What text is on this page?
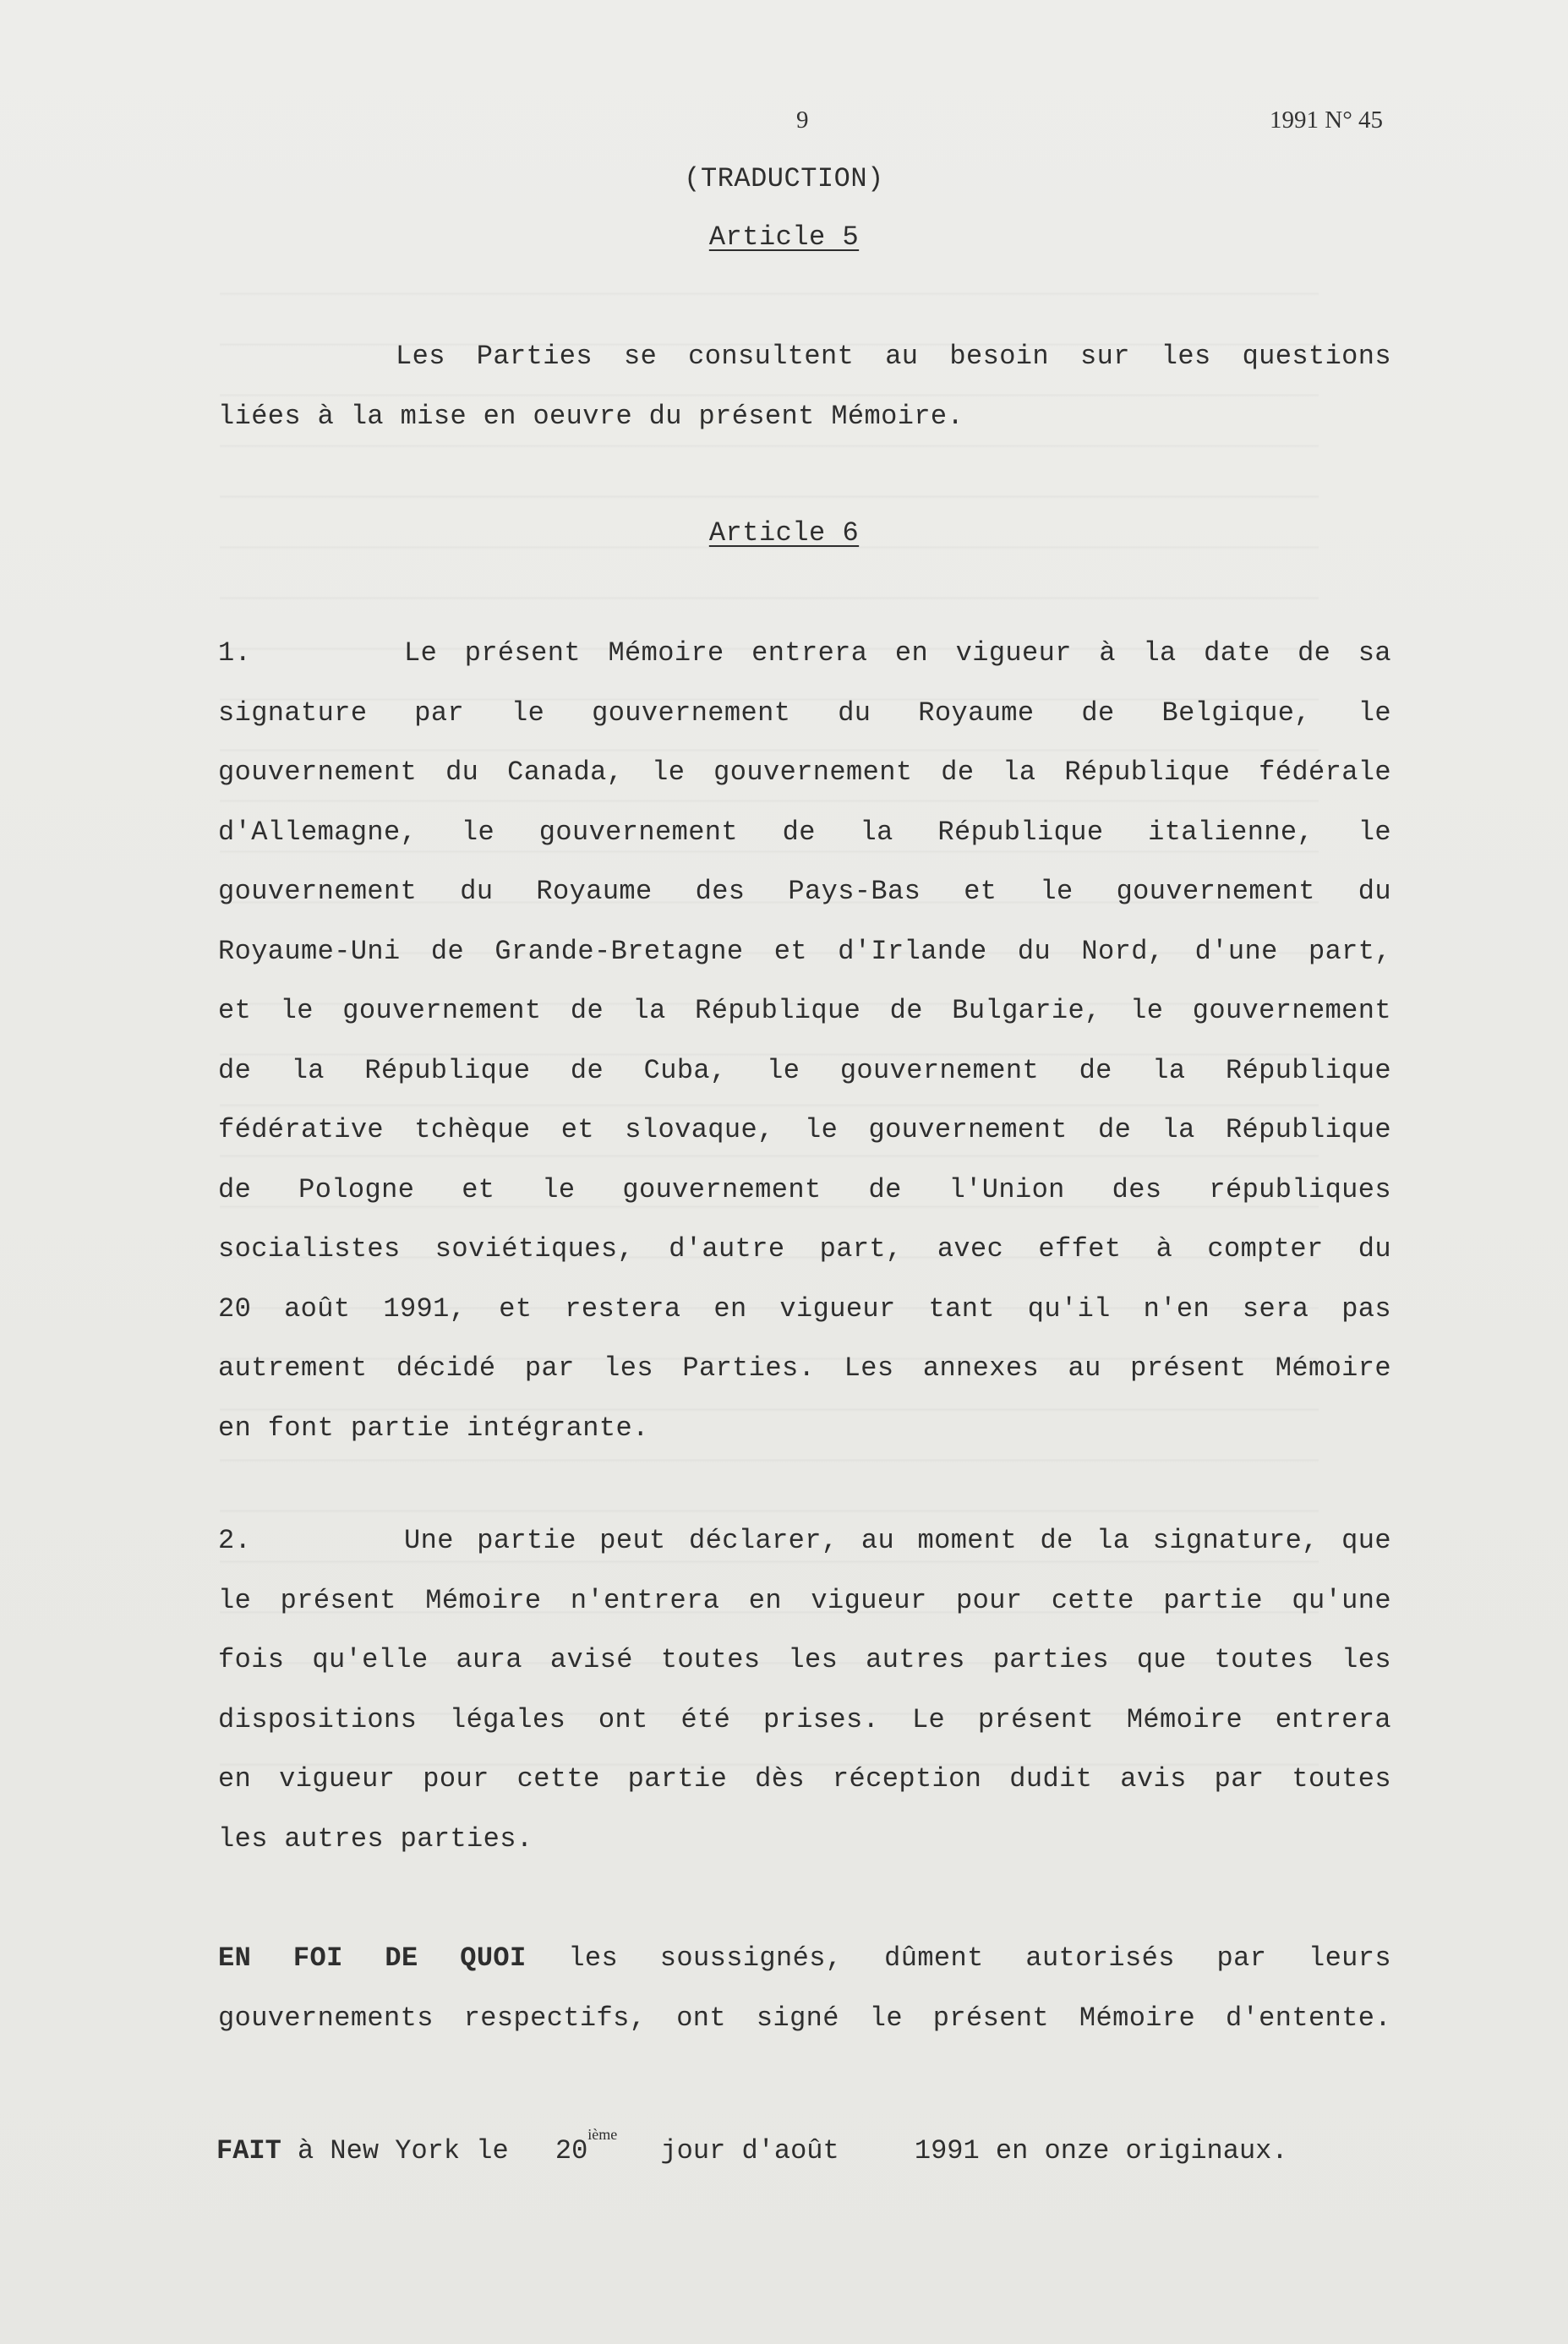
9	1991 N° 45
(TRADUCTION)
Article 5
Les Parties se consultent au besoin sur les questions
liées à la mise en oeuvre du présent Mémoire.
Article 6
1.	Le présent Mémoire entrera en vigueur à la date de sa
signature par le gouvernement du Royaume de Belgique, le
gouvernement du Canada, le gouvernement de la République fédérale
d'Allemagne, le gouvernement de la République italienne, le
gouvernement du Royaume des Pays-Bas et le gouvernement du
Royaume-Uni de Grande-Bretagne et d'Irlande du Nord, d'une part,
et le gouvernement de la République de Bulgarie, le gouvernement
de la République de Cuba, le gouvernement de la République
fédérative tchèque et slovaque, le gouvernement de la République
de Pologne et le gouvernement de l'Union des républiques
socialistes soviétiques, d'autre part, avec effet à compter du
20 août 1991, et restera en vigueur tant qu'il n'en sera pas
autrement décidé par les Parties. Les annexes au présent Mémoire
en font partie intégrante.
2.	Une partie peut déclarer, au moment de la signature, que
le présent Mémoire n'entrera en vigueur pour cette partie qu'une
fois qu'elle aura avisé toutes les autres parties que toutes les
dispositions légales ont été prises. Le présent Mémoire entrera
en vigueur pour cette partie dès réception dudit avis par toutes
les autres parties.
EN FOI DE QUOI les soussignés, dûment autorisés par leurs
gouvernements respectifs, ont signé le présent Mémoire d'entente.
FAIT à New York le 20ième jour d'août	1991 en onze originaux.
